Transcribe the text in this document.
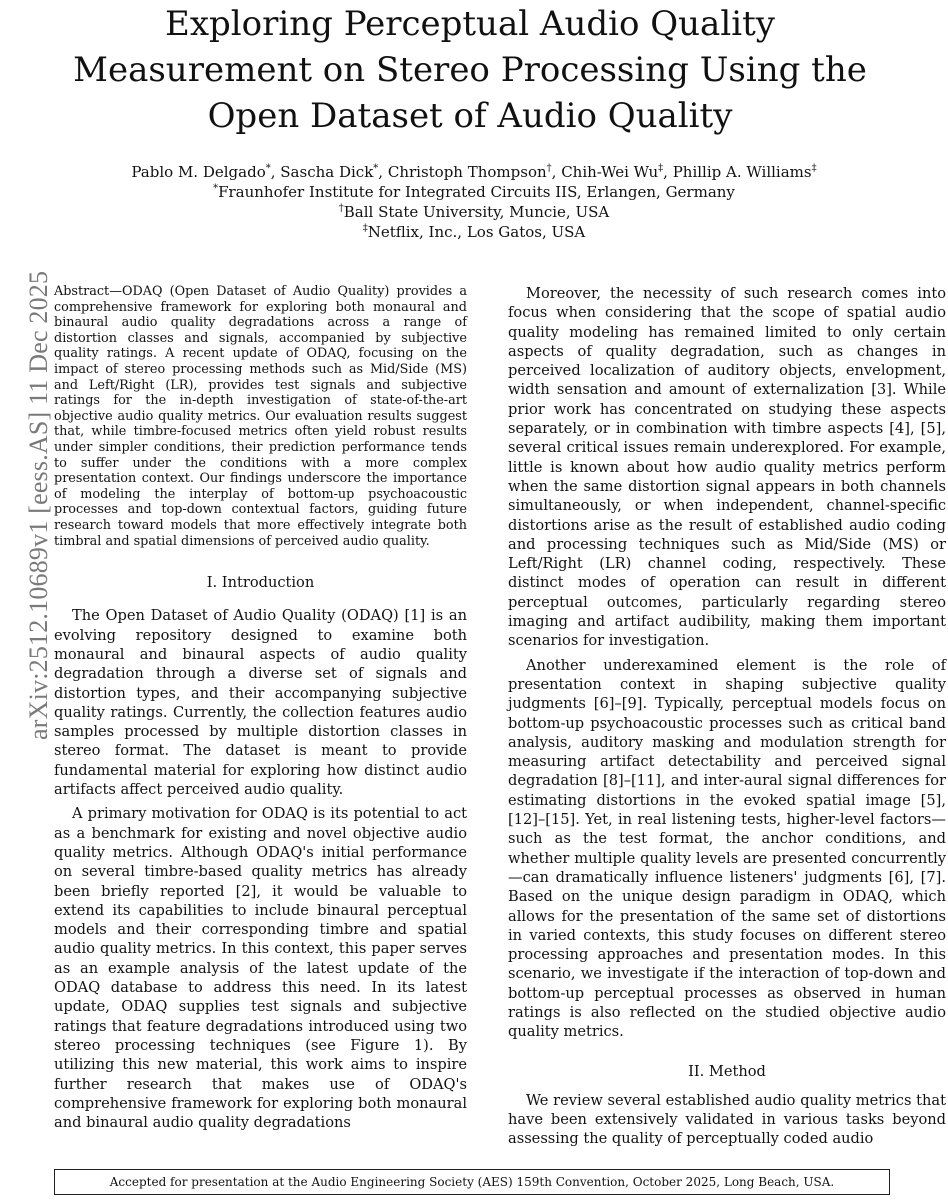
arXiv:2512.10689v1 [eess.AS] 11 Dec 2025
Exploring Perceptual Audio Quality Measurement on Stereo Processing Using the Open Dataset of Audio Quality
Pablo M. Delgado*, Sascha Dick*, Christoph Thompson†, Chih-Wei Wu‡, Phillip A. Williams‡
*Fraunhofer Institute for Integrated Circuits IIS, Erlangen, Germany
†Ball State University, Muncie, USA
‡Netflix, Inc., Los Gatos, USA

Abstract—ODAQ (Open Dataset of Audio Quality) provides a comprehensive framework for exploring both monaural and binaural audio quality degradations across a range of distortion classes and signals, accompanied by subjective quality ratings. A recent update of ODAQ, focusing on the impact of stereo processing methods such as Mid/Side (MS) and Left/Right (LR), provides test signals and subjective ratings for the in-depth investigation of state-of-the-art objective audio quality metrics. Our evaluation results suggest that, while timbre-focused metrics often yield robust results under simpler conditions, their prediction performance tends to suffer under the conditions with a more complex presentation context. Our findings underscore the importance of modeling the interplay of bottom-up psychoacoustic processes and top-down contextual factors, guiding future research toward models that more effectively integrate both timbral and spatial dimensions of perceived audio quality.

I. Introduction

The Open Dataset of Audio Quality (ODAQ) [1] is an evolving repository designed to examine both monaural and binaural aspects of audio quality degradation through a diverse set of signals and distortion types, and their accompanying subjective quality ratings. Currently, the collection features audio samples processed by multiple distortion classes in stereo format. The dataset is meant to provide fundamental material for exploring how distinct audio artifacts affect perceived audio quality.

A primary motivation for ODAQ is its potential to act as a benchmark for existing and novel objective audio quality metrics. Although ODAQ's initial performance on several timbre-based quality metrics has already been briefly reported [2], it would be valuable to extend its capabilities to include binaural perceptual models and their corresponding timbre and spatial audio quality metrics. In this context, this paper serves as an example analysis of the latest update of the ODAQ database to address this need. In its latest update, ODAQ supplies test signals and subjective ratings that feature degradations introduced using two stereo processing techniques (see Figure 1). By utilizing this new material, this work aims to inspire further research that makes use of ODAQ's comprehensive framework for exploring both monaural and binaural audio quality degradations

Moreover, the necessity of such research comes into focus when considering that the scope of spatial audio quality modeling has remained limited to only certain aspects of quality degradation, such as changes in perceived localization of auditory objects, envelopment, width sensation and amount of externalization [3]. While prior work has concentrated on studying these aspects separately, or in combination with timbre aspects [4], [5], several critical issues remain underexplored. For example, little is known about how audio quality metrics perform when the same distortion signal appears in both channels simultaneously, or when independent, channel-specific distortions arise as the result of established audio coding and processing techniques such as Mid/Side (MS) or Left/Right (LR) channel coding, respectively. These distinct modes of operation can result in different perceptual outcomes, particularly regarding stereo imaging and artifact audibility, making them important scenarios for investigation.

Another underexamined element is the role of presentation context in shaping subjective quality judgments [6]–[9]. Typically, perceptual models focus on bottom-up psychoacoustic processes such as critical band analysis, auditory masking and modulation strength for measuring artifact detectability and perceived signal degradation [8]–[11], and inter-aural signal differences for estimating distortions in the evoked spatial image [5], [12]–[15]. Yet, in real listening tests, higher-level factors—such as the test format, the anchor conditions, and whether multiple quality levels are presented concurrently—can dramatically influence listeners' judgments [6], [7]. Based on the unique design paradigm in ODAQ, which allows for the presentation of the same set of distortions in varied contexts, this study focuses on different stereo processing approaches and presentation modes. In this scenario, we investigate if the interaction of top-down and bottom-up perceptual processes as observed in human ratings is also reflected on the studied objective audio quality metrics.

II. Method

We review several established audio quality metrics that have been extensively validated in various tasks beyond assessing the quality of perceptually coded audio

Accepted for presentation at the Audio Engineering Society (AES) 159th Convention, October 2025, Long Beach, USA.
